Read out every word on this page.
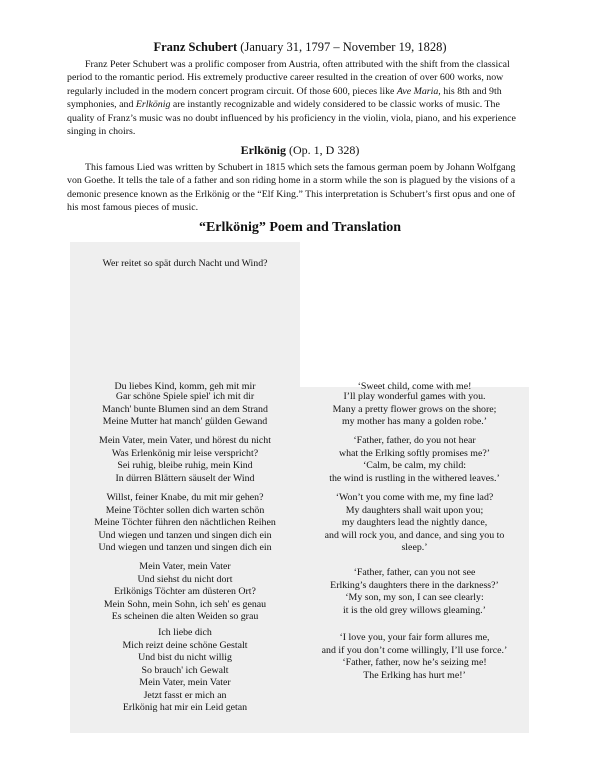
Franz Schubert (January 31, 1797 – November 19, 1828)

Franz Peter Schubert was a prolific composer from Austria, often attributed with the shift from the classical period to the romantic period. His extremely productive career resulted in the creation of over 600 works, now regularly included in the modern concert program circuit. Of those 600, pieces like Ave Maria, his 8th and 9th symphonies, and Erlkönig are instantly recognizable and widely considered to be classic works of music. The quality of Franz’s music was no doubt influenced by his proficiency in the violin, viola, piano, and his experience singing in choirs.

Erlkönig (Op. 1, D 328)

This famous Lied was written by Schubert in 1815 which sets the famous german poem by Johann Wolfgang von Goethe. It tells the tale of a father and son riding home in a storm while the son is plagued by the visions of a demonic presence known as the Erlkönig or the “Elf King.” This interpretation is Schubert’s first opus and one of his most famous pieces of music.

“Erlkönig” Poem and Translation
Wer reitet so spät durch Nacht und Wind?
Du liebes Kind, komm, geh mit mir	‘Sweet child, come with me!
Gar schöne Spiele spiel' ich mit dir
Manch' bunte Blumen sind an dem Strand
Meine Mutter hat manch' gülden Gewand
Mein Vater, mein Vater, und hörest du nicht
Was Erlenkönig mir leise verspricht?
Sei ruhig, bleibe ruhig, mein Kind
In dürren Blättern säuselt der Wind
Willst, feiner Knabe, du mit mir gehen?
Meine Töchter sollen dich warten schön
Meine Töchter führen den nächtlichen Reihen
Und wiegen und tanzen und singen dich ein
Und wiegen und tanzen und singen dich ein
Mein Vater, mein Vater
Und siehst du nicht dort
Erlkönigs Töchter am düsteren Ort?
Mein Sohn, mein Sohn, ich seh' es genau
Es scheinen die alten Weiden so grau
Ich liebe dich
Mich reizt deine schöne Gestalt
Und bist du nicht willig
So brauch' ich Gewalt
Mein Vater, mein Vater
Jetzt fasst er mich an
Erlkönig hat mir ein Leid getan
I’ll play wonderful games with you.
Many a pretty flower grows on the shore;
my mother has many a golden robe.’
‘Father, father, do you not hear
what the Erlking softly promises me?’
‘Calm, be calm, my child:
the wind is rustling in the withered leaves.’
‘Won’t you come with me, my fine lad?
My daughters shall wait upon you;
my daughters lead the nightly dance,
and will rock you, and dance, and sing you to
sleep.’
‘Father, father, can you not see
Erlking’s daughters there in the darkness?’
‘My son, my son, I can see clearly:
it is the old grey willows gleaming.’
‘I love you, your fair form allures me,
and if you don’t come willingly, I’ll use force.’
‘Father, father, now he’s seizing me!
The Erlking has hurt me!’
